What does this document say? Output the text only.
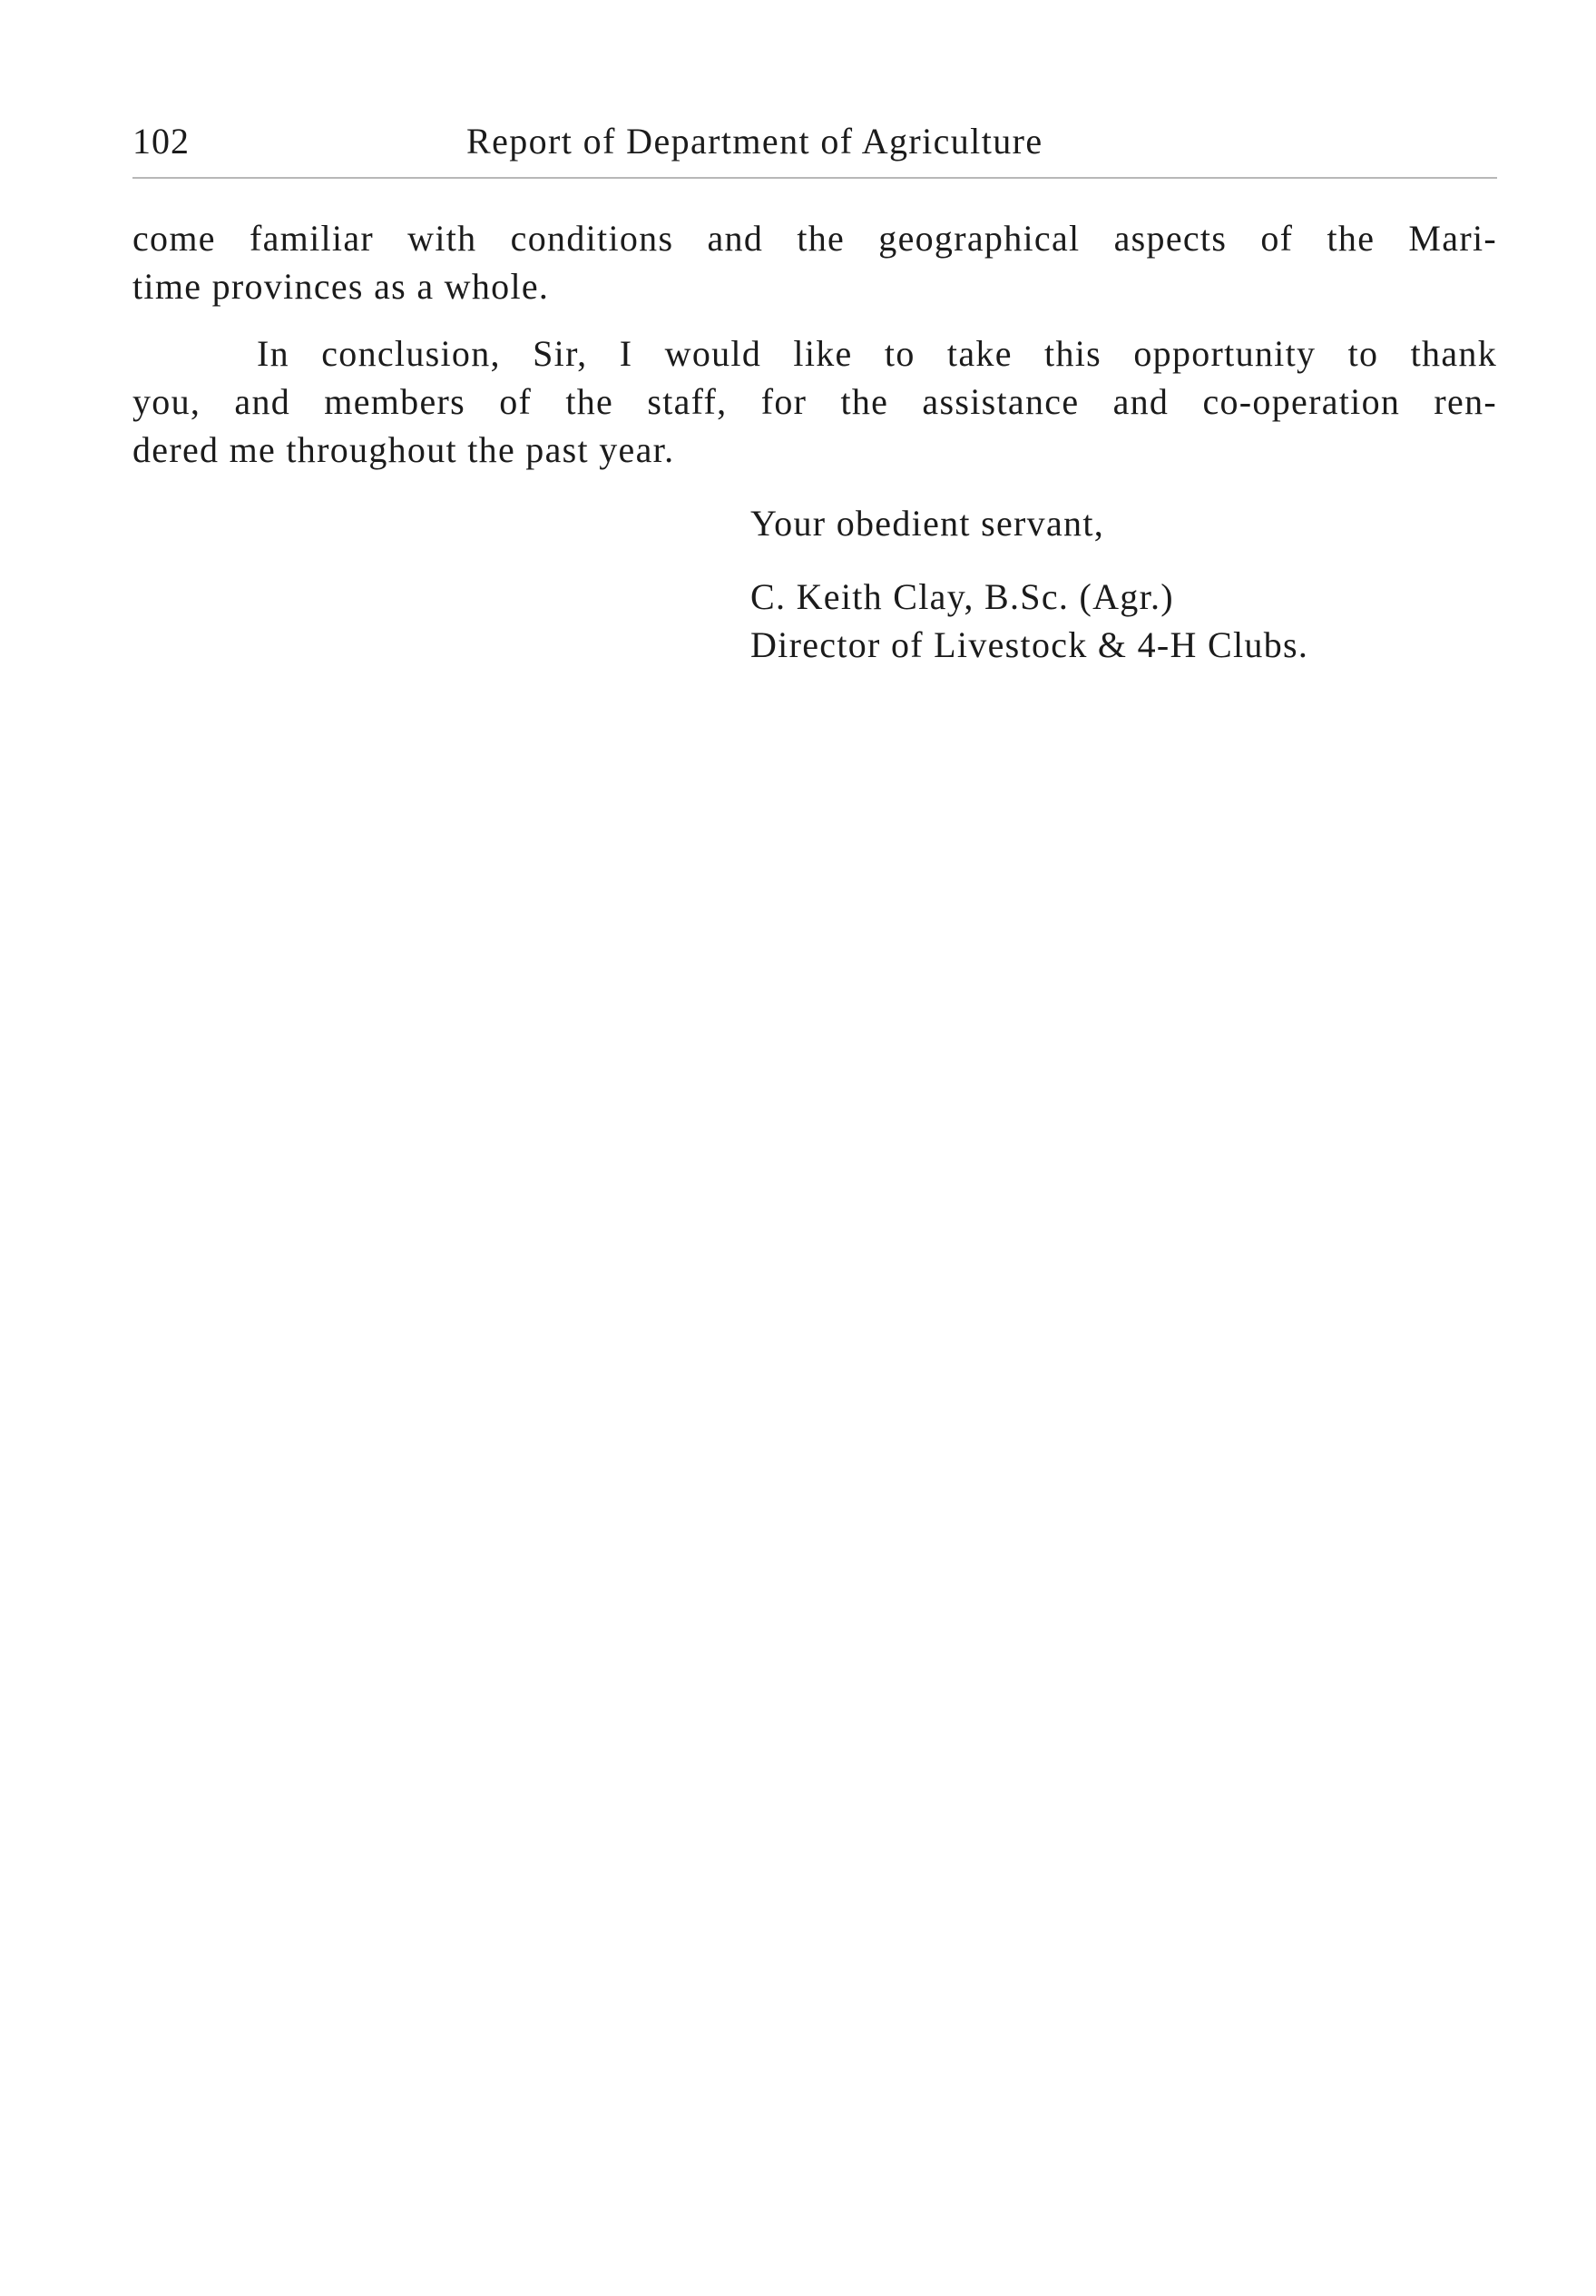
102	Report of Department of Agriculture

come familiar with conditions and the geographical aspects of the Mari-
time provinces as a whole.

In conclusion, Sir, I would like to take this opportunity to thank
you, and members of the staff, for the assistance and co-operation ren-
dered me throughout the past year.

Your obedient servant,
C. Keith Clay, B.Sc. (Agr.)
Director of Livestock & 4-H Clubs.
